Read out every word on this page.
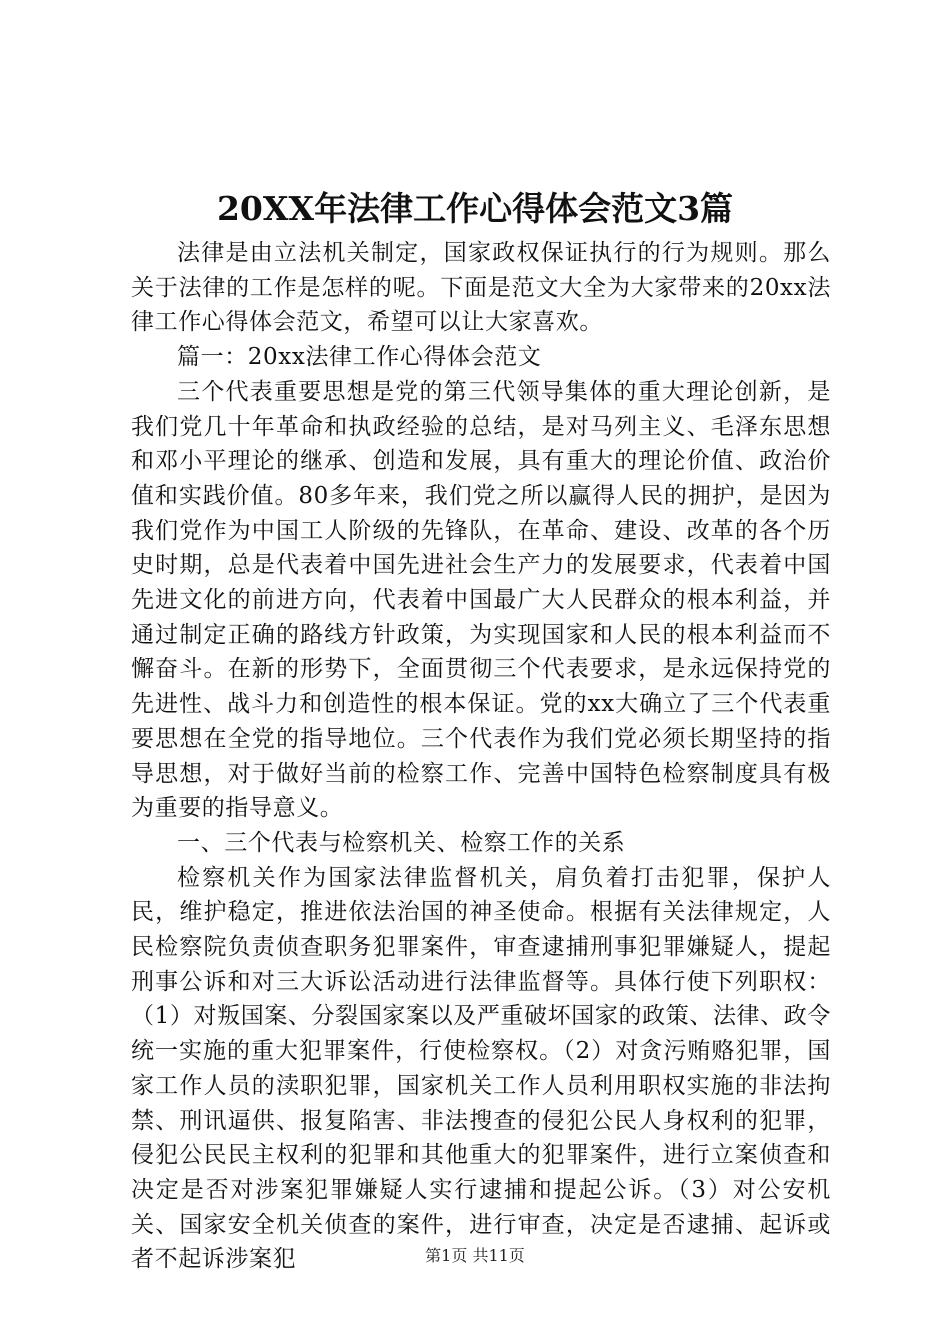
20XX年法律工作心得体会范文3篇

法律是由立法机关制定，国家政权保证执行的行为规则。那么关于法律的工作是怎样的呢。下面是范文大全为大家带来的20xx法律工作心得体会范文，希望可以让大家喜欢。

篇一：20xx法律工作心得体会范文

三个代表重要思想是党的第三代领导集体的重大理论创新，是我们党几十年革命和执政经验的总结，是对马列主义、毛泽东思想和邓小平理论的继承、创造和发展，具有重大的理论价值、政治价值和实践价值。80多年来，我们党之所以赢得人民的拥护，是因为我们党作为中国工人阶级的先锋队，在革命、建设、改革的各个历史时期，总是代表着中国先进社会生产力的发展要求，代表着中国先进文化的前进方向，代表着中国最广大人民群众的根本利益，并通过制定正确的路线方针政策，为实现国家和人民的根本利益而不懈奋斗。在新的形势下，全面贯彻三个代表要求，是永远保持党的先进性、战斗力和创造性的根本保证。党的xx大确立了三个代表重要思想在全党的指导地位。三个代表作为我们党必须长期坚持的指导思想，对于做好当前的检察工作、完善中国特色检察制度具有极为重要的指导意义。

一、三个代表与检察机关、检察工作的关系

检察机关作为国家法律监督机关，肩负着打击犯罪，保护人民，维护稳定，推进依法治国的神圣使命。根据有关法律规定，人民检察院负责侦查职务犯罪案件，审查逮捕刑事犯罪嫌疑人，提起刑事公诉和对三大诉讼活动进行法律监督等。具体行使下列职权：（1）对叛国案、分裂国家案以及严重破坏国家的政策、法律、政令统一实施的重大犯罪案件，行使检察权。（2）对贪污贿赂犯罪，国家工作人员的渎职犯罪，国家机关工作人员利用职权实施的非法拘禁、刑讯逼供、报复陷害、非法搜查的侵犯公民人身权利的犯罪，侵犯公民民主权利的犯罪和其他重大的犯罪案件，进行立案侦查和决定是否对涉案犯罪嫌疑人实行逮捕和提起公诉。（3）对公安机关、国家安全机关侦查的案件，进行审查，决定是否逮捕、起诉或者不起诉涉案犯	第1页 共11页
